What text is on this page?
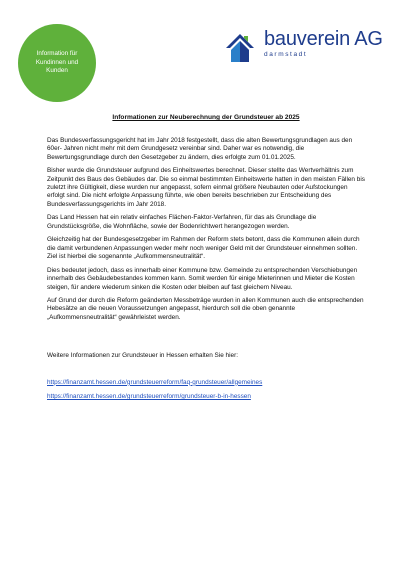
Information für Kundinnen und Kunden
bauverein AG
darmstadt
Informationen zur Neuberechnung der Grundsteuer ab 2025

Das Bundesverfassungsgericht hat im Jahr 2018 festgestellt, dass die alten Bewertungsgrundlagen aus den 60er- Jahren nicht mehr mit dem Grundgesetz vereinbar sind. Daher war es notwendig, die Bewertungsgrundlage durch den Gesetzgeber zu ändern, dies erfolgte zum 01.01.2025.

Bisher wurde die Grundsteuer aufgrund des Einheitswertes berechnet. Dieser stellte das Wertverhältnis zum Zeitpunkt des Baus des Gebäudes dar. Die so einmal bestimmten Einheitswerte hatten in den meisten Fällen bis zuletzt ihre Gültigkeit, diese wurden nur angepasst, sofern einmal größere Neubauten oder Aufstockungen erfolgt sind. Die nicht erfolgte Anpassung führte, wie oben bereits beschrieben zur Entscheidung des Bundesverfassungsgerichts im Jahr 2018.

Das Land Hessen hat ein relativ einfaches Flächen-Faktor-Verfahren, für das als Grundlage die Grundstücksgröße, die Wohnfläche, sowie der Bodenrichtwert herangezogen werden.

Gleichzeitig hat der Bundesgesetzgeber im Rahmen der Reform stets betont, dass die Kommunen allein durch die damit verbundenen Anpassungen weder mehr noch weniger Geld mit der Grundsteuer einnehmen sollten. Ziel ist hierbei die sogenannte „Aufkommensneutralität“.

Dies bedeutet jedoch, dass es innerhalb einer Kommune bzw. Gemeinde zu entsprechenden Verschiebungen innerhalb des Gebäudebestandes kommen kann. Somit werden für einige Mieterinnen und Mieter die Kosten steigen, für andere wiederum sinken die Kosten oder bleiben auf fast gleichem Niveau.

Auf Grund der durch die Reform geänderten Messbeträge wurden in allen Kommunen auch die entsprechenden Hebesätze an die neuen Voraussetzungen angepasst, hierdurch soll die oben genannte „Aufkommensneutralität“ gewährleistet werden.

Weitere Informationen zur Grundsteuer in Hessen erhalten Sie hier:

https://finanzamt.hessen.de/grundsteuerreform/faq-grundsteuer/allgemeines
https://finanzamt.hessen.de/grundsteuerreform/grundsteuer-b-in-hessen
